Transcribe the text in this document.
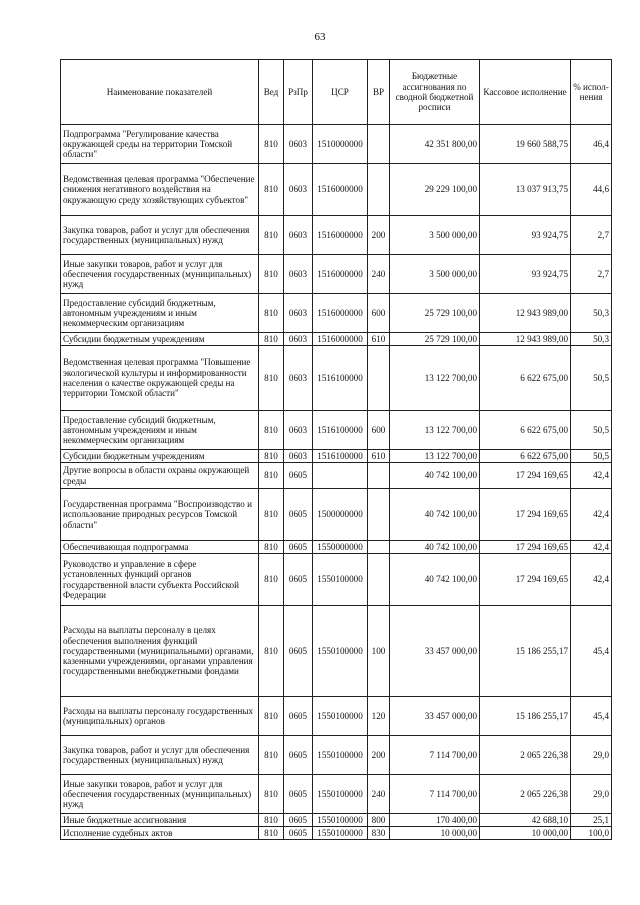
63
Наименование показателей	Вед	РзПр	ЦСР	ВР	Бюджетные ассигнования по сводной бюджетной росписи	Кассовое исполнение	% испол-нения
Подпрограмма "Регулирование качества окружающей среды на территории Томской области"	810	0603	1510000000		42 351 800,00	19 660 588,75	46,4
Ведомственная целевая программа "Обеспечение снижения негативного воздействия на окружающую среду хозяйствующих субъектов"	810	0603	1516000000		29 229 100,00	13 037 913,75	44,6
Закупка товаров, работ и услуг для обеспечения государственных (муниципальных) нужд	810	0603	1516000000	200	3 500 000,00	93 924,75	2,7
Иные закупки товаров, работ и услуг для обеспечения государственных (муниципальных) нужд	810	0603	1516000000	240	3 500 000,00	93 924,75	2,7
Предоставление субсидий бюджетным, автономным учреждениям и иным некоммерческим организациям	810	0603	1516000000	600	25 729 100,00	12 943 989,00	50,3
Субсидии бюджетным учреждениям	810	0603	1516000000	610	25 729 100,00	12 943 989,00	50,3
Ведомственная целевая программа "Повышение экологической культуры и информированности населения о качестве окружающей среды на территории Томской области"	810	0603	1516100000		13 122 700,00	6 622 675,00	50,5
Предоставление субсидий бюджетным, автономным учреждениям и иным некоммерческим организациям	810	0603	1516100000	600	13 122 700,00	6 622 675,00	50,5
Субсидии бюджетным учреждениям	810	0603	1516100000	610	13 122 700,00	6 622 675,00	50,5
Другие вопросы в области охраны окружающей среды	810	0605			40 742 100,00	17 294 169,65	42,4
Государственная программа "Воспроизводство и использование природных ресурсов Томской области"	810	0605	1500000000		40 742 100,00	17 294 169,65	42,4
Обеспечивающая подпрограмма	810	0605	1550000000		40 742 100,00	17 294 169,65	42,4
Руководство и управление в сфере установленных функций органов государственной власти субъекта Российской Федерации	810	0605	1550100000		40 742 100,00	17 294 169,65	42,4
Расходы на выплаты персоналу в целях обеспечения выполнения функций государственными (муниципальными) органами, казенными учреждениями, органами управления государственными внебюджетными фондами	810	0605	1550100000	100	33 457 000,00	15 186 255,17	45,4
Расходы на выплаты персоналу государственных (муниципальных) органов	810	0605	1550100000	120	33 457 000,00	15 186 255,17	45,4
Закупка товаров, работ и услуг для обеспечения государственных (муниципальных) нужд	810	0605	1550100000	200	7 114 700,00	2 065 226,38	29,0
Иные закупки товаров, работ и услуг для обеспечения государственных (муниципальных) нужд	810	0605	1550100000	240	7 114 700,00	2 065 226,38	29,0
Иные бюджетные ассигнования	810	0605	1550100000	800	170 400,00	42 688,10	25,1
Исполнение судебных актов	810	0605	1550100000	830	10 000,00	10 000,00	100,0
